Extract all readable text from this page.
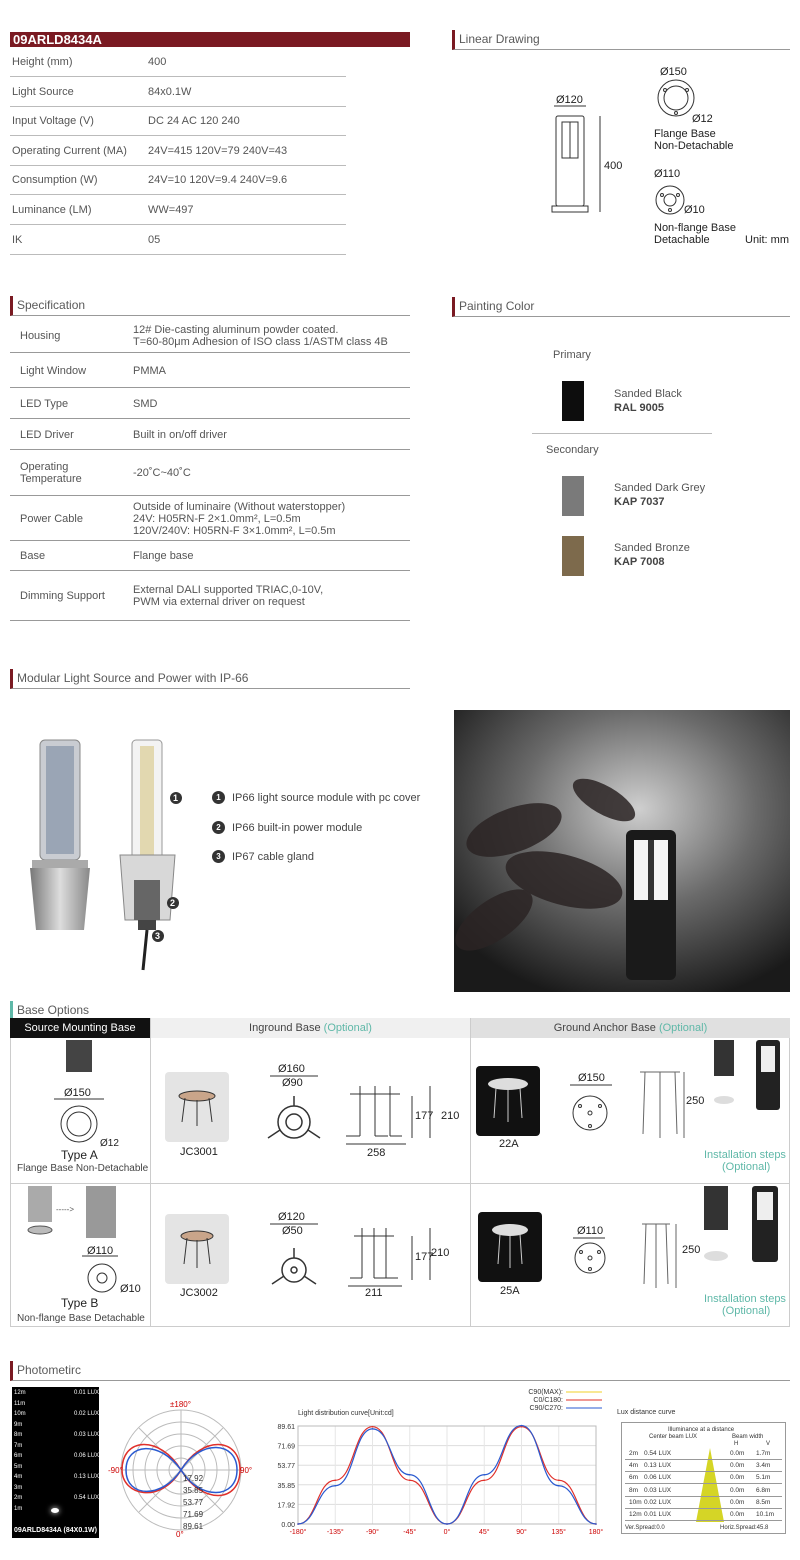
09ARLD8434A
Height (mm)	400
Light Source	84x0.1W
Input Voltage (V)	DC 24 AC 120 240
Operating Current (MA) 24V=415 120V=79 240V=43
Consumption (W)	24V=10 120V=9.4 240V=9.6
Luminance (LM)	WW=497
IK	05
Linear Drawing
Ø120
400
Ø150
Ø12
Flange Base
Non-Detachable
Ø110
Ø10
Non-flange Base
Detachable	Unit: mm
Specification
Housing	12# Die-casting aluminum powder coated.
T=60-80μm Adhesion of ISO class 1/ASTM class 4B
Light Window	PMMA
LED Type	SMD
LED Driver	Built in on/off driver
Operating
Temperature	-20˚C~40˚C
Power Cable
Outside of luminaire (Without waterstopper)
24V: H05RN-F 2×1.0mm², L=0.5m
120V/240V: H05RN-F 3×1.0mm², L=0.5m
Base	Flange base
Dimming Support	External DALI supported TRIAC,0-10V,
PWM via external driver on request
Painting Color
Primary
Sanded Black
RAL 9005
Secondary
Sanded Dark Grey
KAP 7037
Sanded Bronze
KAP 7008
Modular Light Source and Power with IP-66
1
2
3
1	IP66 light source module with pc cover
2	IP66 built-in power module
3	IP67 cable gland
Base Options
Source Mounting Base	Inground Base (Optional)	Ground Anchor Base (Optional)
Ø150
Ø12
Type A
Flange Base Non-Detachable
JC3001
Ø160
Ø90
177 210
258
22A
Ø150
250
Installation steps
(Optional)
----->
Ø110
Ø10
Type B
Non-flange Base Detachable
JC3002
Ø120
Ø50
177
210
211	25A
Ø110
250
Installation steps
(Optional)
Photometirc
12m	0.01 LUX
11m
10m	0.02 LUX
9m
8m	0.03 LUX
7m
6m	0.06 LUX
5m
4m	0.13 LUX
3m
2m	0.54 LUX
1m
09ARLD8434A (84X0.1W)
±180°
-90°	90°
0°
17.92
35.85
53.77
71.69
89.61
Light distribution curve[Unit:cd]
C90(MAX):
C0/C180:
C90/C270:
89.61
71.69
53.77
35.85
17.92
0.00
-180°	-135°	-90°	-45°	0°	45°	90°	135°	180°
Lux distance curve
Illuminance at a distance
Center beam LUX	Beam width
H	V
2m 0.54 LUX	0.0m 1.7m
4m 0.13 LUX	0.0m 3.4m
6m 0.06 LUX	0.0m 5.1m
8m 0.03 LUX	0.0m 6.8m
10m 0.02 LUX	0.0m 8.5m
12m 0.01 LUX	0.0m 10.1m
Ver.Spread:0.0	Horiz.Spread:45.8
